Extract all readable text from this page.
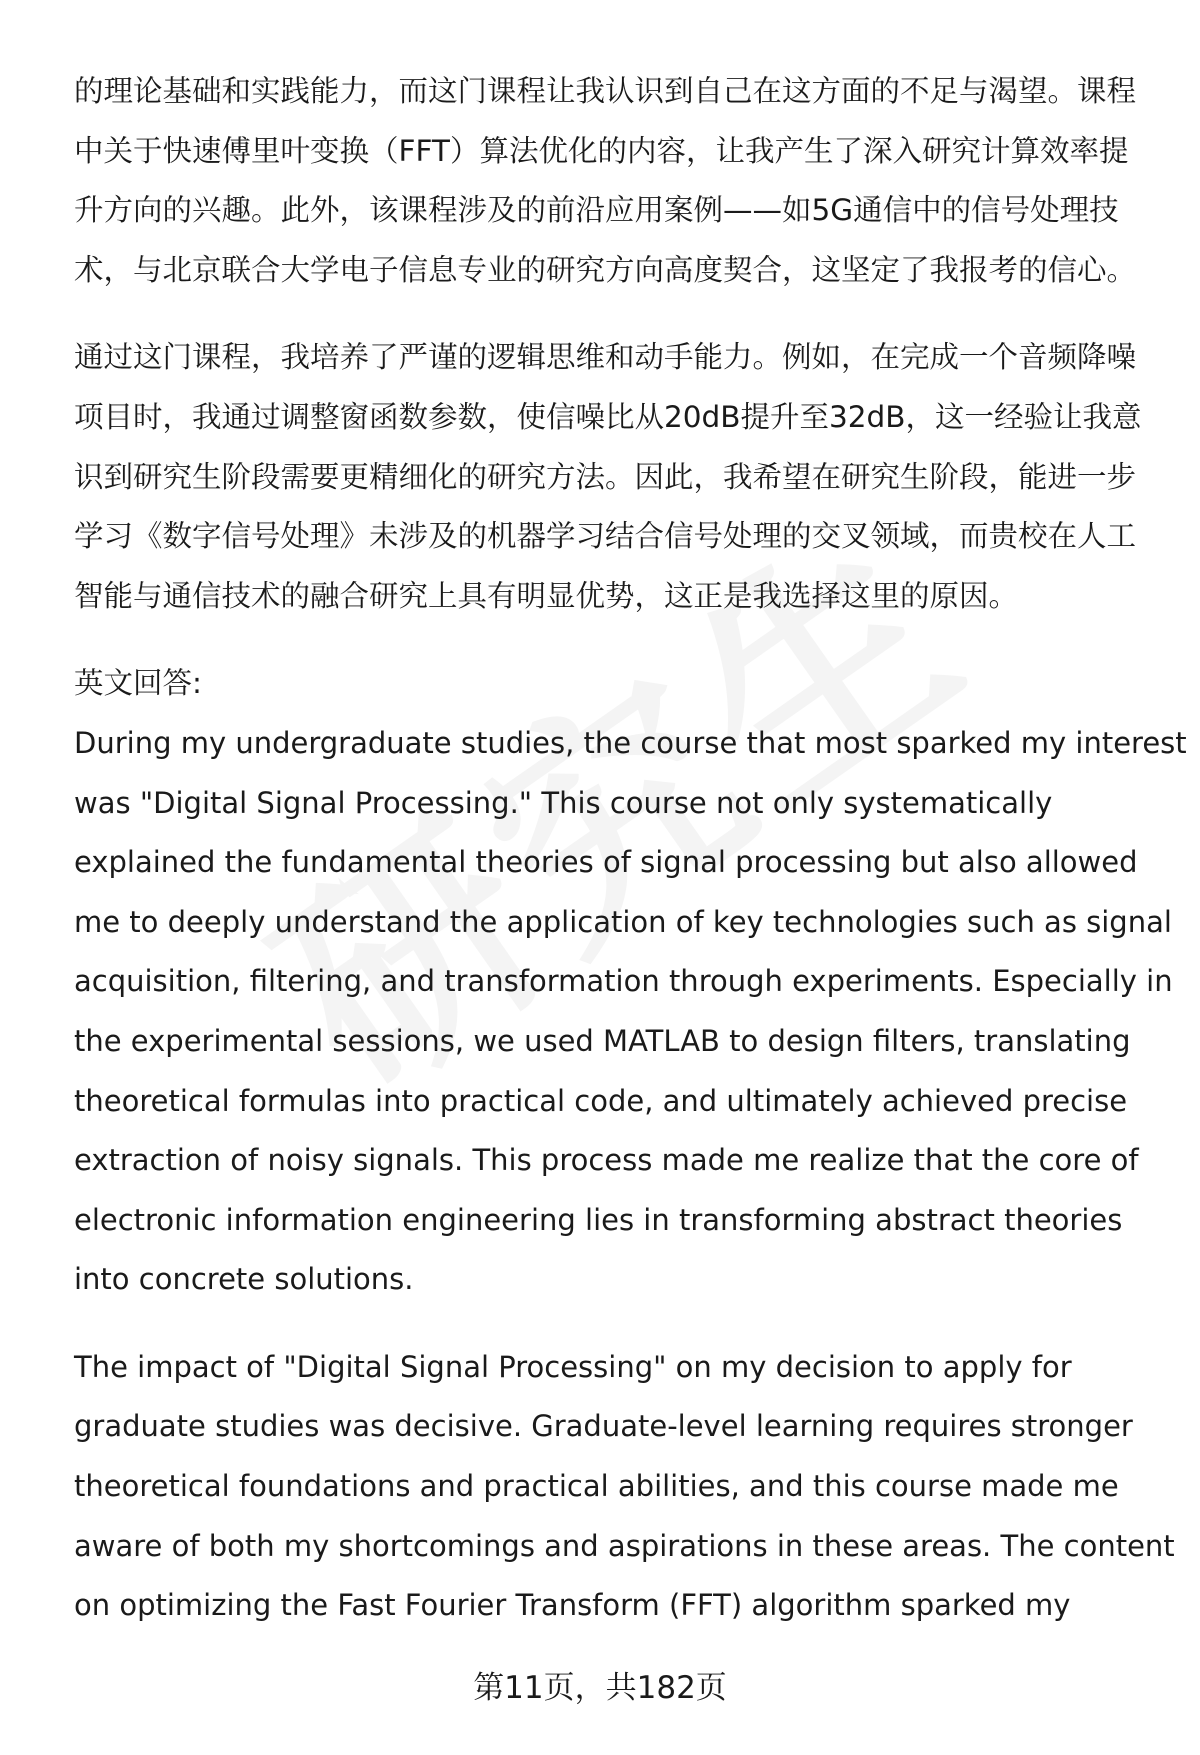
的理论基础和实践能力，而这门课程让我认识到自己在这方面的不足与渴望。课程
中关于快速傅里叶变换（FFT）算法优化的内容，让我产生了深入研究计算效率提
升方向的兴趣。此外，该课程涉及的前沿应用案例——如5G通信中的信号处理技
术，与北京联合大学电子信息专业的研究方向高度契合，这坚定了我报考的信心。

通过这门课程，我培养了严谨的逻辑思维和动手能力。例如，在完成一个音频降噪
项目时，我通过调整窗函数参数，使信噪比从20dB提升至32dB，这一经验让我意
识到研究生阶段需要更精细化的研究方法。因此，我希望在研究生阶段，能进一步
学习《数字信号处理》未涉及的机器学习结合信号处理的交叉领域，而贵校在人工
智能与通信技术的融合研究上具有明显优势，这正是我选择这里的原因。

英文回答:

During my undergraduate studies, the course that most sparked my interest
was "Digital Signal Processing." This course not only systematically
explained the fundamental theories of signal processing but also allowed
me to deeply understand the application of key technologies such as signal
acquisition, filtering, and transformation through experiments. Especially in
the experimental sessions, we used MATLAB to design filters, translating
theoretical formulas into practical code, and ultimately achieved precise
extraction of noisy signals. This process made me realize that the core of
electronic information engineering lies in transforming abstract theories
into concrete solutions.

The impact of "Digital Signal Processing" on my decision to apply for
graduate studies was decisive. Graduate-level learning requires stronger
theoretical foundations and practical abilities, and this course made me
aware of both my shortcomings and aspirations in these areas. The content
on optimizing the Fast Fourier Transform (FFT) algorithm sparked my

第11页，共182页
